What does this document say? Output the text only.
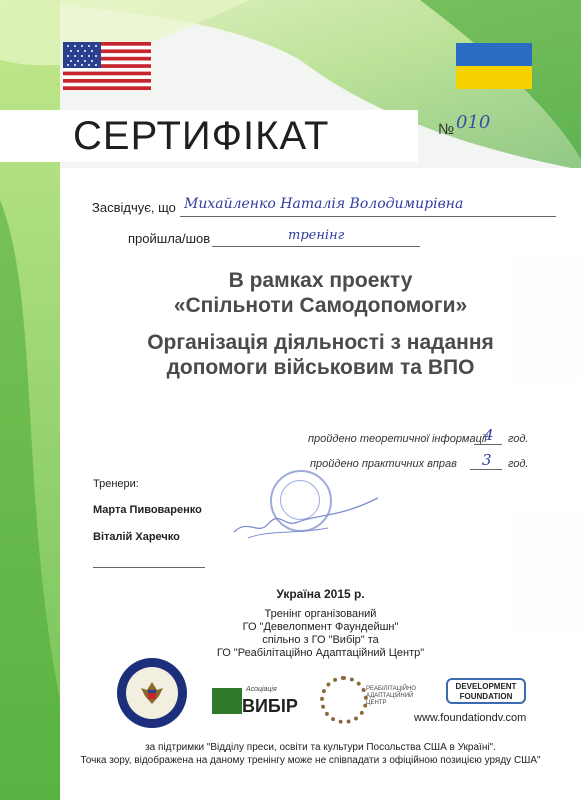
СЕРТИФІКАТ	№ 010
Засвідчує, що Михайленко Наталія Володимирівна
пройшла/шов	тренінг
В рамках проекту
«Спільноти Самодопомоги»
Організація діяльності з надання
допомоги військовим та ВПО
пройдено теоретичної інформації
4 год.
пройдено практичних вправ 3 год.
Тренери:
Марта Пивоваренко
Віталій Харечко
Україна 2015 р.
Тренінг організований
ГО "Девелопмент Фаундейшн"
спільно з ГО "Вибір" та
ГО "Реабілітаційно Адаптаційний Центр"
Асоціація
ВИБІР
РЕАБІЛІТАЦІЙНО АДАПТАЦІЙНИЙ ЦЕНТР
DEVELOPMENT
FOUNDATION
www.foundationdv.com
за підтримки "Відділу преси, освіти та культури Посольства США в Україні".
Точка зору, відображена на даному тренінгу може не співпадати з офіційною позицією уряду США"
